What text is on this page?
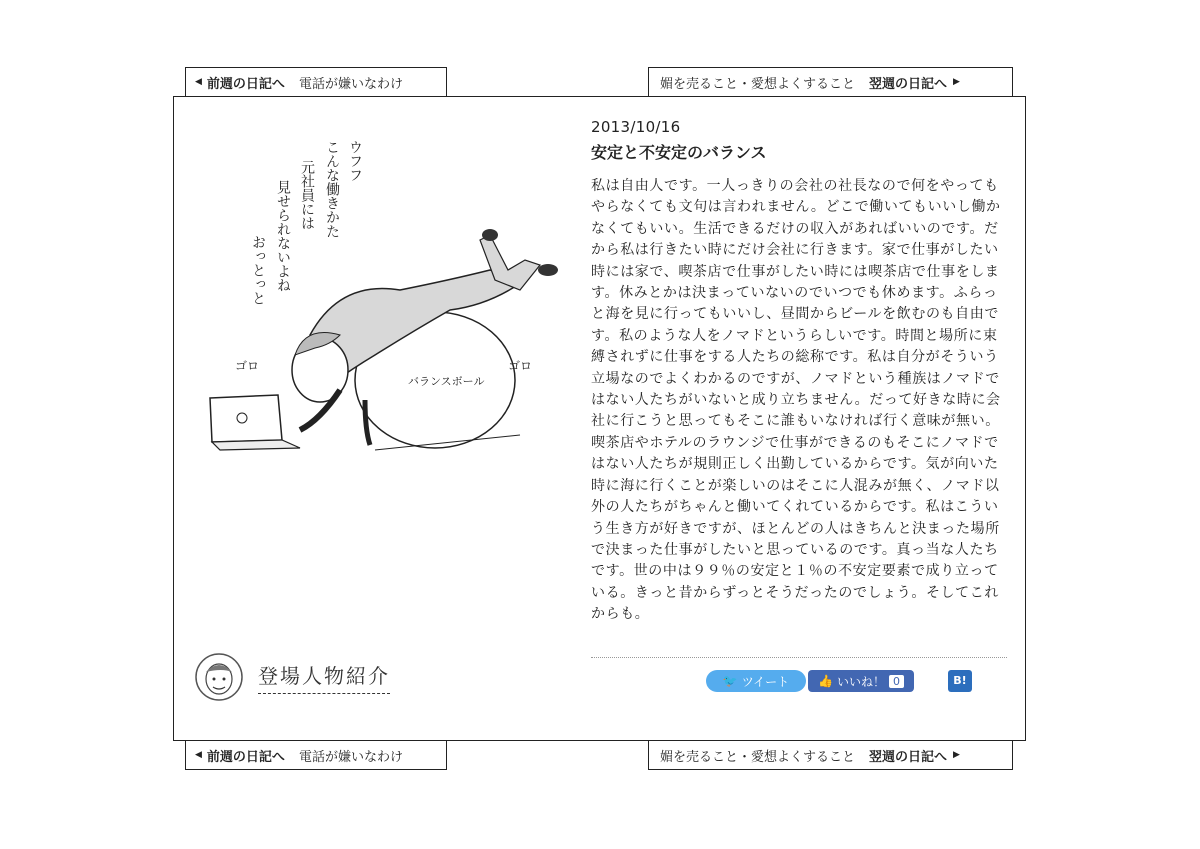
◀ 前週の日記へ 電話が嫌いなわけ	媚を売ること・愛想よくすること 翌週の日記へ ▶
ウフフ
こんな働きかた
元社員には
見せられないよね
おっとっと
ゴロ	ゴロ
バランスボール
2013/10/16
安定と不安定のバランス
私は自由人です。一人っきりの会社の社長なので何をやってもやらなくても文句は言われません。どこで働いてもいいし働かなくてもいい。生活できるだけの収入があればいいのです。だから私は行きたい時にだけ会社に行きます。家で仕事がしたい時には家で、喫茶店で仕事がしたい時には喫茶店で仕事をします。休みとかは決まっていないのでいつでも休めます。ふらっと海を見に行ってもいいし、昼間からビールを飲むのも自由です。私のような人をノマドというらしいです。時間と場所に束縛されずに仕事をする人たちの総称です。私は自分がそういう立場なのでよくわかるのですが、ノマドという種族はノマドではない人たちがいないと成り立ちません。だって好きな時に会社に行こうと思ってもそこに誰もいなければ行く意味が無い。喫茶店やホテルのラウンジで仕事ができるのもそこにノマドではない人たちが規則正しく出勤しているからです。気が向いた時に海に行くことが楽しいのはそこに人混みが無く、ノマド以外の人たちがちゃんと働いてくれているからです。私はこういう生き方が好きですが、ほとんどの人はきちんと決まった場所で決まった仕事がしたいと思っているのです。真っ当な人たちです。世の中は９９％の安定と１％の不安定要素で成り立っている。きっと昔からずっとそうだったのでしょう。そしてこれからも。
🐦 ツイート 👍 いいね！ 0	B!
登場人物紹介
◀ 前週の日記へ 電話が嫌いなわけ	媚を売ること・愛想よくすること 翌週の日記へ ▶
